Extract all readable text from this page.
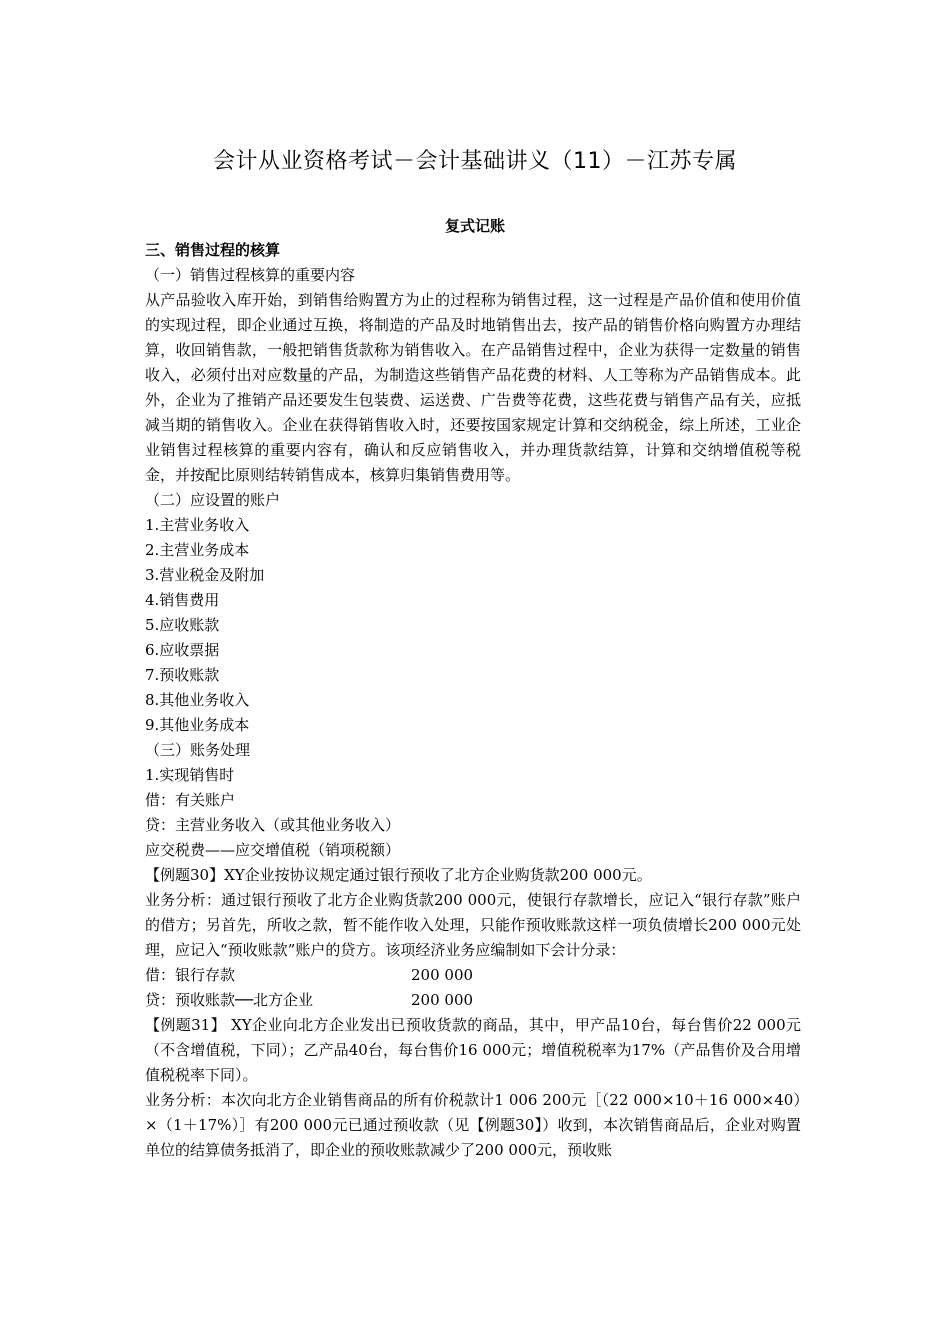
会计从业资格考试－会计基础讲义（11）－江苏专属
复式记账

三、销售过程的核算

（一）销售过程核算的重要内容

从产品验收入库开始，到销售给购置方为止的过程称为销售过程，这一过程是产品价值和使用价值的实现过程，即企业通过互换，将制造的产品及时地销售出去，按产品的销售价格向购置方办理结算，收回销售款，一般把销售货款称为销售收入。在产品销售过程中，企业为获得一定数量的销售收入，必须付出对应数量的产品，为制造这些销售产品花费的材料、人工等称为产品销售成本。此外，企业为了推销产品还要发生包装费、运送费、广告费等花费，这些花费与销售产品有关，应抵减当期的销售收入。企业在获得销售收入时，还要按国家规定计算和交纳税金，综上所述，工业企业销售过程核算的重要内容有，确认和反应销售收入，并办理货款结算，计算和交纳增值税等税金，并按配比原则结转销售成本，核算归集销售费用等。

（二）应设置的账户

1.主营业务收入

2.主营业务成本

3.营业税金及附加

4.销售费用

5.应收账款

6.应收票据

7.预收账款

8.其他业务收入

9.其他业务成本

（三）账务处理

1.实现销售时

借：有关账户

贷：主营业务收入（或其他业务收入）

应交税费——应交增值税（销项税额）

【例题30】XY企业按协议规定通过银行预收了北方企业购货款200 000元。

业务分析：通过银行预收了北方企业购货款200 000元，使银行存款增长，应记入“银行存款”账户的借方；另首先，所收之款，暂不能作收入处理，只能作预收账款这样一项负债增长200 000元处理，应记入“预收账款”账户的贷方。该项经济业务应编制如下会计分录：

借：银行存款	200 000
贷：预收账款──北方企业	200 000

【例题31】 XY企业向北方企业发出已预收货款的商品，其中，甲产品10台，每台售价22 000元（不含增值税，下同）；乙产品40台，每台售价16 000元；增值税税率为17%（产品售价及合用增值税税率下同）。

业务分析：本次向北方企业销售商品的所有价税款计1 006 200元［（22 000×10＋16 000×40）×（1＋17%）］有200 000元已通过预收款（见【例题30】）收到，本次销售商品后，企业对购置单位的结算债务抵消了，即企业的预收账款减少了200 000元，预收账
